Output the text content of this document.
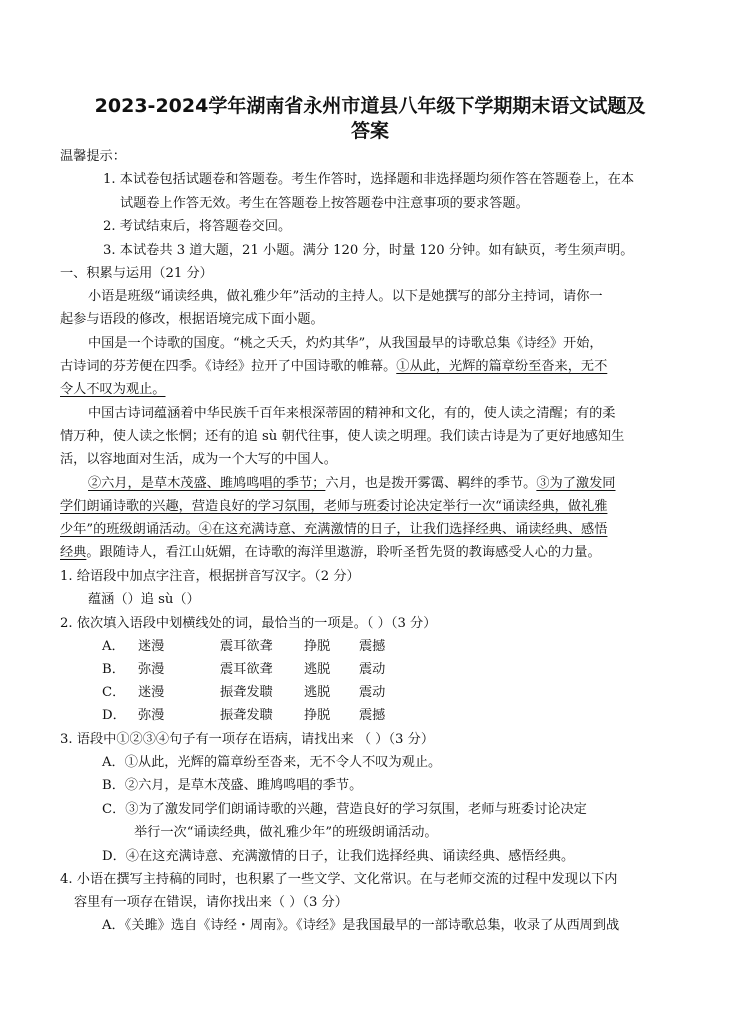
2023-2024学年湖南省永州市道县八年级下学期期末语文试题及
答案
温馨提示：
1. 本试卷包括试题卷和答题卷。考生作答时，选择题和非选择题均须作答在答题卷上，在本
试题卷上作答无效。考生在答题卷上按答题卷中注意事项的要求答题。
2. 考试结束后，将答题卷交回。
3. 本试卷共 3 道大题，21 小题。满分 120 分，时量 120 分钟。如有缺页，考生须声明。
一、积累与运用（21 分）
小语是班级“诵读经典，做礼雅少年”活动的主持人。以下是她撰写的部分主持词，请你一
起参与语段的修改，根据语境完成下面小题。
中国是一个诗歌的国度。“桃之夭夭，灼灼其华”，从我国最早的诗歌总集《诗经》开始，
古诗词的芬芳便在四季。《诗经》拉开了中国诗歌的帷幕。①从此，光辉的篇章纷至沓来，无不
令人不叹为观止。
中国古诗词蕴涵着中华民族千百年来根深蒂固的精神和文化，有的，使人读之清醒；有的柔
情万种，使人读之怅惘；还有的追 sù 朝代往事，使人读之明理。我们读古诗是为了更好地感知生
活，以容地面对生活，成为一个大写的中国人。
②六月，是草木茂盛、雎鸠鸣唱的季节；六月，也是拨开雾霭、羁绊的季节。③为了激发同
学们朗诵诗歌的兴趣，营造良好的学习氛围，老师与班委讨论决定举行一次“诵读经典，做礼雅
少年”的班级朗诵活动。④在这充满诗意、充满激情的日子，让我们选择经典、诵读经典、感悟
经典。跟随诗人，看江山妩媚，在诗歌的海洋里遨游，聆听圣哲先贤的教诲感受人心的力量。
1. 给语段中加点字注音，根据拼音写汉字。（2 分）
蕴涵（）追 sù（）
2. 依次填入语段中划横线处的词，最恰当的一项是。（ ）（3 分）
A． 迷漫	震耳欲聋 挣脱 震撼
B． 弥漫	震耳欲聋 逃脱 震动
C． 迷漫	振聋发聩 逃脱 震动
D． 弥漫	振聋发聩 挣脱 震撼
3. 语段中①②③④句子有一项存在语病，请找出来 （ ）（3 分）
A．①从此，光辉的篇章纷至沓来，无不令人不叹为观止。
B．②六月，是草木茂盛、雎鸠鸣唱的季节。
C．③为了激发同学们朗诵诗歌的兴趣，营造良好的学习氛围，老师与班委讨论决定
举行一次“诵读经典，做礼雅少年”的班级朗诵活动。
D．④在这充满诗意、充满激情的日子，让我们选择经典、诵读经典、感悟经典。
4. 小语在撰写主持稿的同时，也积累了一些文学、文化常识。在与老师交流的过程中发现以下内
容里有一项存在错误，请你找出来（ ）（3 分）
A．《关雎》选自《诗经・周南》。《诗经》是我国最早的一部诗歌总集，收录了从西周到战
